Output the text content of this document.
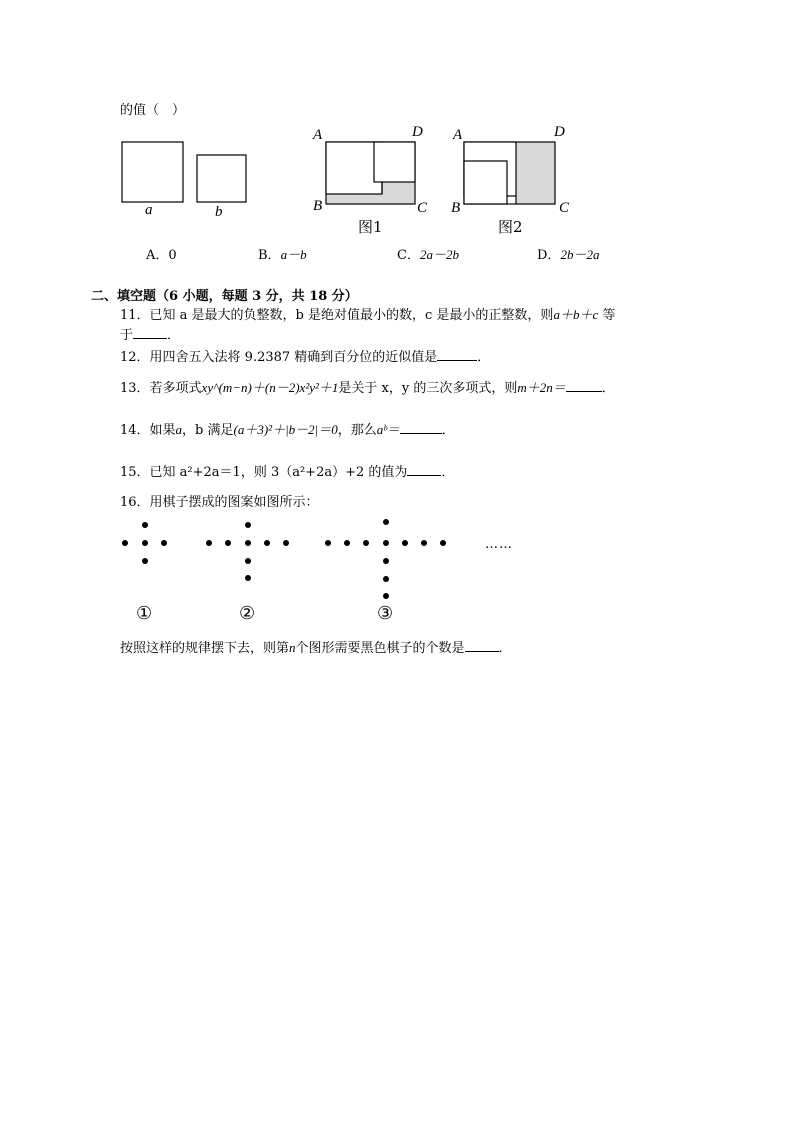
的值（　）
a	b
A	D
B	C
图1
A	D
B	C
图2
A．0	B．a－b	C．2a－2b	D．2b－2a
二、填空题（6 小题，每题 3 分，共 18 分）
11．已知 a 是最大的负整数，b 是绝对值最小的数，c 是最小的正整数，则a＋b＋c 等
于	．
12．用四舍五入法将 9.2387 精确到百分位的近似值是	．
13．若多项式xy^(m−n)＋(n－2)x²y²＋1是关于 x，y 的三次多项式，则m＋2n＝	．
14．如果a，b 满足(a＋3)²＋|b－2|＝0，那么aᵇ＝	．
15．已知 a²+2a＝1，则 3（a²+2a）+2 的值为	．
16．用棋子摆成的图案如图所示：
……
①	②	③
按照这样的规律摆下去，则第n个图形需要黑色棋子的个数是	．
